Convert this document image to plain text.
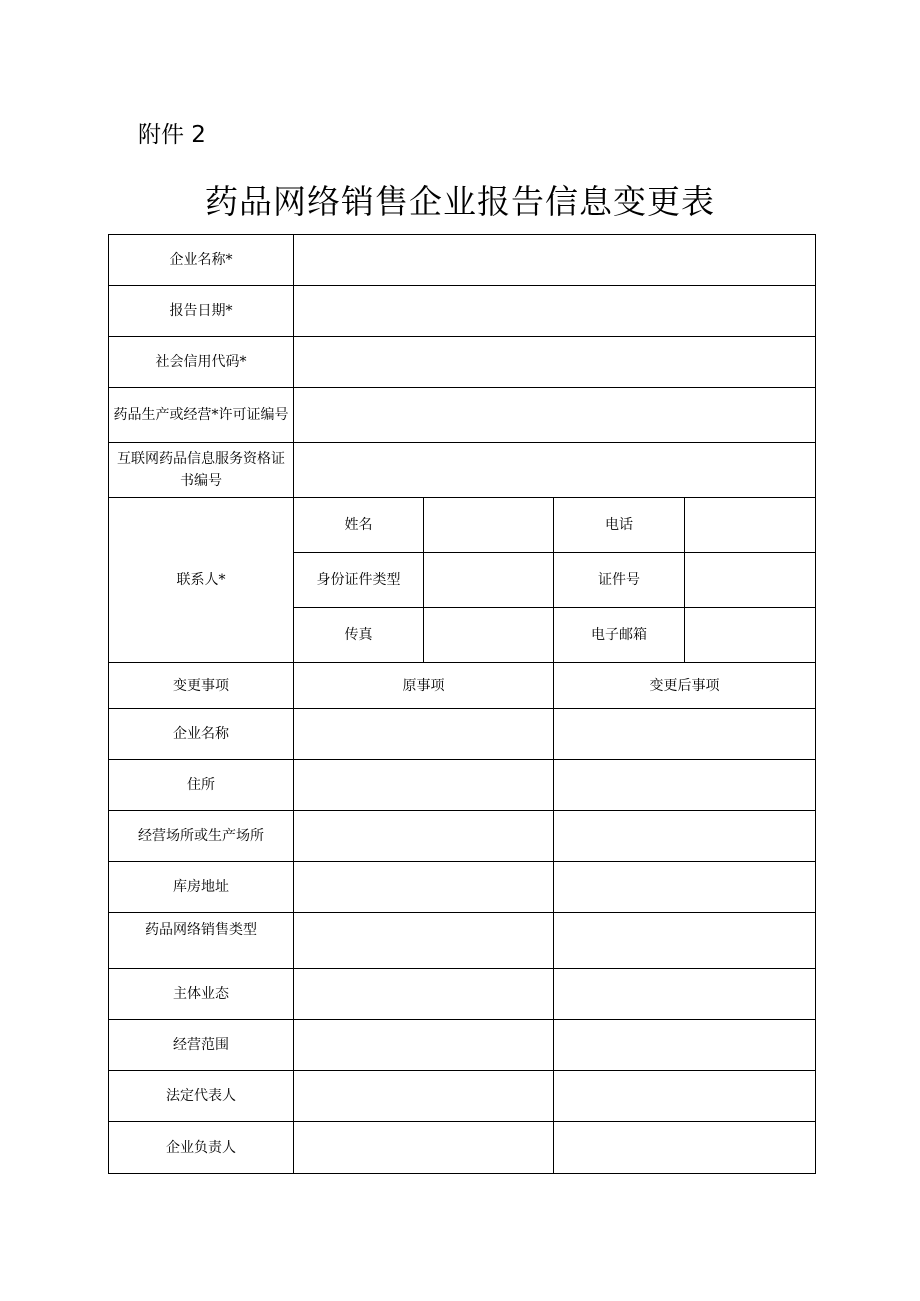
附件 2
药品网络销售企业报告信息变更表
企业名称*				
报告日期*				
社会信用代码*				
药品生产或经营*许可证编号				
互联网药品信息服务资格证书编号				
联系人*	姓名		电话	
	身份证件类型		证件号	
	传真		电子邮箱	
变更事项	原事项		变更后事项	
企业名称				
住所				
经营场所或生产场所				
库房地址				
药品网络销售类型				
主体业态				
经营范围				
法定代表人				
企业负责人				
